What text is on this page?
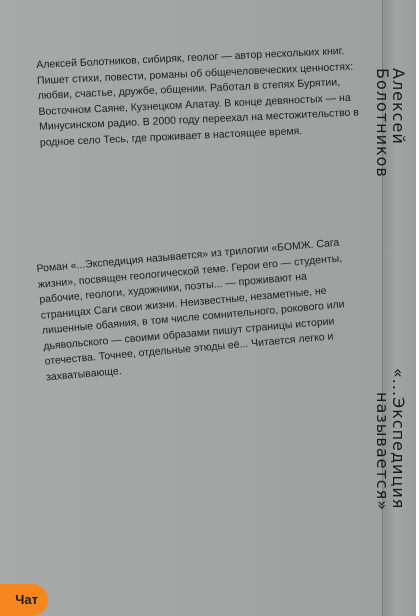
Алексей Болотников, сибиряк, геолог — автор нескольких книг. Пишет стихи, повести, романы об общечеловеческих ценностях: любви, счастье, дружбе, общении. Работал в степях Бурятии, Восточном Саяне, Кузнецком Алатау. В конце девяностых — на Минусинском радио. В 2000 году переехал на местожительство в родное село Тесь, где проживает в настоящее время.
Роман «...Экспедиция называется» из трилогии «БОМЖ. Сага жизни», посвящен геологической теме. Герои его — студенты, рабочие, геологи, художники, поэты... — проживают на страницах Саги свои жизни. Неизвестные, незаметные, не лишенные обаяния, в том числе сомнительного, рокового или дьявольского — своими образами пишут страницы истории отечества. Точнее, отдельные этюды её... Читается легко и захватывающе.
Алексей
Болотников
«...Экспедиция
называется»
Чат
